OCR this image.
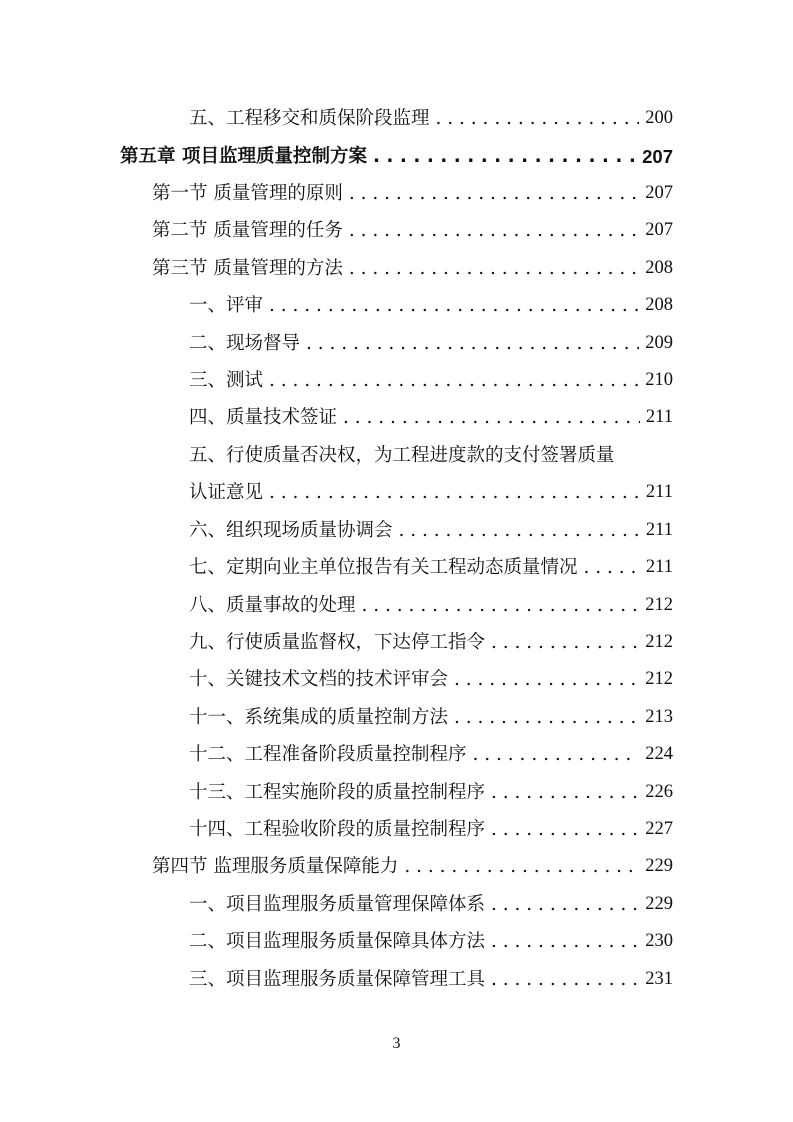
五、工程移交和质保阶段监理 . . .	200
第五章 项目监理质量控制方案 . . .	207
第一节 质量管理的原则 . . .	207
第二节 质量管理的任务 . . .	207
第三节 质量管理的方法 . . .	208
一、评审 . . .	208
二、现场督导 . . .	209
三、测试 . . .	210
四、质量技术签证 . . .	211
五、行使质量否决权，为工程进度款的支付签署质量
认证意见 . . .	211
六、组织现场质量协调会 . . .	211
七、定期向业主单位报告有关工程动态质量情况 . . .	211
八、质量事故的处理 . . .	212
九、行使质量监督权，下达停工指令 . . .	212
十、关键技术文档的技术评审会 . . .	212
十一、系统集成的质量控制方法 . . .	213
十二、工程准备阶段质量控制程序 . . .	224
十三、工程实施阶段的质量控制程序 . . .	226
十四、工程验收阶段的质量控制程序 . . .	227
第四节 监理服务质量保障能力 . . .	229
一、项目监理服务质量管理保障体系 . . .	229
二、项目监理服务质量保障具体方法 . . .	230
三、项目监理服务质量保障管理工具 . . .	231
3
